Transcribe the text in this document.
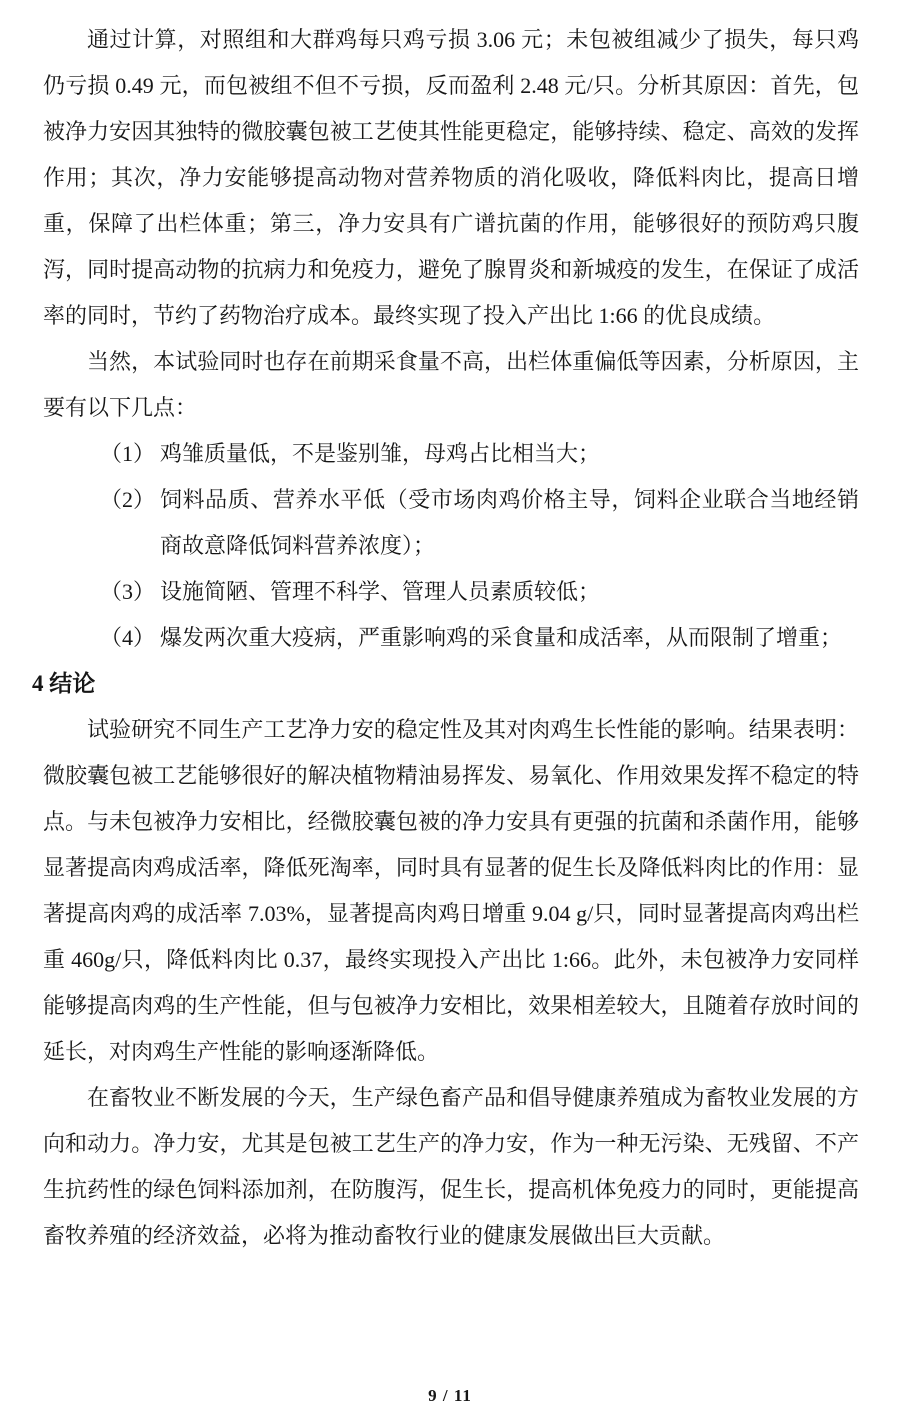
通过计算，对照组和大群鸡每只鸡亏损 3.06 元；未包被组减少了损失，每只鸡仍亏损 0.49 元，而包被组不但不亏损，反而盈利 2.48 元/只。分析其原因：首先，包被净力安因其独特的微胶囊包被工艺使其性能更稳定，能够持续、稳定、高效的发挥作用；其次，净力安能够提高动物对营养物质的消化吸收，降低料肉比，提高日增重，保障了出栏体重；第三，净力安具有广谱抗菌的作用，能够很好的预防鸡只腹泻，同时提高动物的抗病力和免疫力，避免了腺胃炎和新城疫的发生，在保证了成活率的同时，节约了药物治疗成本。最终实现了投入产出比 1:66 的优良成绩。

当然，本试验同时也存在前期采食量不高，出栏体重偏低等因素，分析原因，主要有以下几点：

（1） 鸡雏质量低，不是鉴别雏，母鸡占比相当大；
（2） 饲料品质、营养水平低（受市场肉鸡价格主导，饲料企业联合当地经销商故意降低饲料营养浓度）；
（3） 设施简陋、管理不科学、管理人员素质较低；
（4） 爆发两次重大疫病，严重影响鸡的采食量和成活率，从而限制了增重；
4 结论

试验研究不同生产工艺净力安的稳定性及其对肉鸡生长性能的影响。结果表明：微胶囊包被工艺能够很好的解决植物精油易挥发、易氧化、作用效果发挥不稳定的特点。与未包被净力安相比，经微胶囊包被的净力安具有更强的抗菌和杀菌作用，能够显著提高肉鸡成活率，降低死淘率，同时具有显著的促生长及降低料肉比的作用：显著提高肉鸡的成活率 7.03%，显著提高肉鸡日增重 9.04 g/只，同时显著提高肉鸡出栏重 460g/只，降低料肉比 0.37，最终实现投入产出比 1:66。此外，未包被净力安同样能够提高肉鸡的生产性能，但与包被净力安相比，效果相差较大，且随着存放时间的延长，对肉鸡生产性能的影响逐渐降低。

在畜牧业不断发展的今天，生产绿色畜产品和倡导健康养殖成为畜牧业发展的方向和动力。净力安，尤其是包被工艺生产的净力安，作为一种无污染、无残留、不产生抗药性的绿色饲料添加剂，在防腹泻，促生长，提高机体免疫力的同时，更能提高畜牧养殖的经济效益，必将为推动畜牧行业的健康发展做出巨大贡献。

9 / 11
